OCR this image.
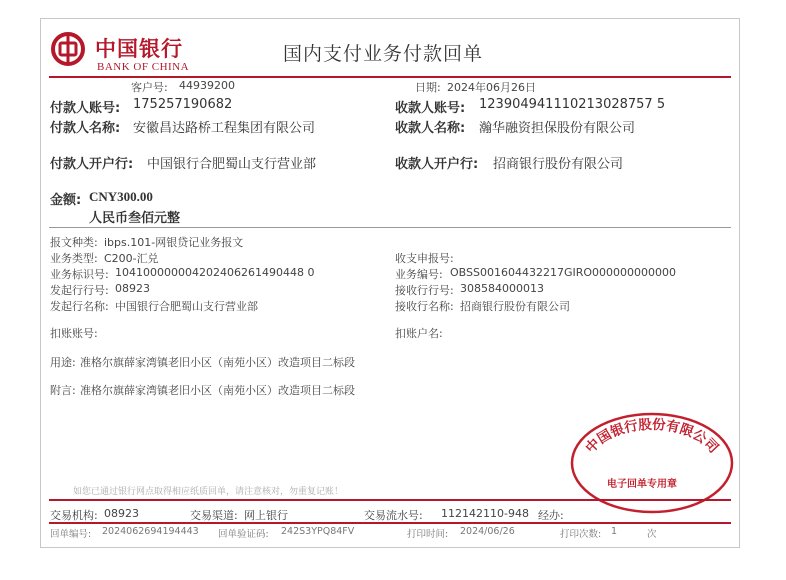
中国银行
BANK OF CHINA
国内支付业务付款回单
客户号: 44939200	日期: 2024年06月26日
付款人账号: 175257190682	收款人账号: 123904941110213028757 5
付款人名称: 安徽昌达路桥工程集团有限公司	收款人名称: 瀚华融资担保股份有限公司
付款人开户行: 中国银行合肥蜀山支行营业部	收款人开户行: 招商银行股份有限公司
金额: CNY300.00
人民币叁佰元整
报文种类: ibps.101-网银贷记业务报文
业务类型: C200-汇兑
业务标识号: 104100000004202406261490448 0
发起行行号: 08923
发起行名称: 中国银行合肥蜀山支行营业部
收支申报号:
业务编号: OBSS001604432217GIRO000000000000
接收行行号: 308584000013
接收行名称: 招商银行股份有限公司
扣账账号:	扣账户名:
用途: 准格尔旗薛家湾镇老旧小区（南苑小区）改造项目二标段
附言: 准格尔旗薛家湾镇老旧小区（南苑小区）改造项目二标段
如您已通过银行网点取得相应纸质回单，请注意核对，勿重复记账！
中国银行股份有限公司
电子回单专用章
交易机构: 08923	交易渠道: 网上银行	交易流水号: 112142110-948 经办:
回单编号: 2024062694194443 回单验证码: 242S3YPQ84FV	打印时间: 2024/06/26	打印次数: 1	次
